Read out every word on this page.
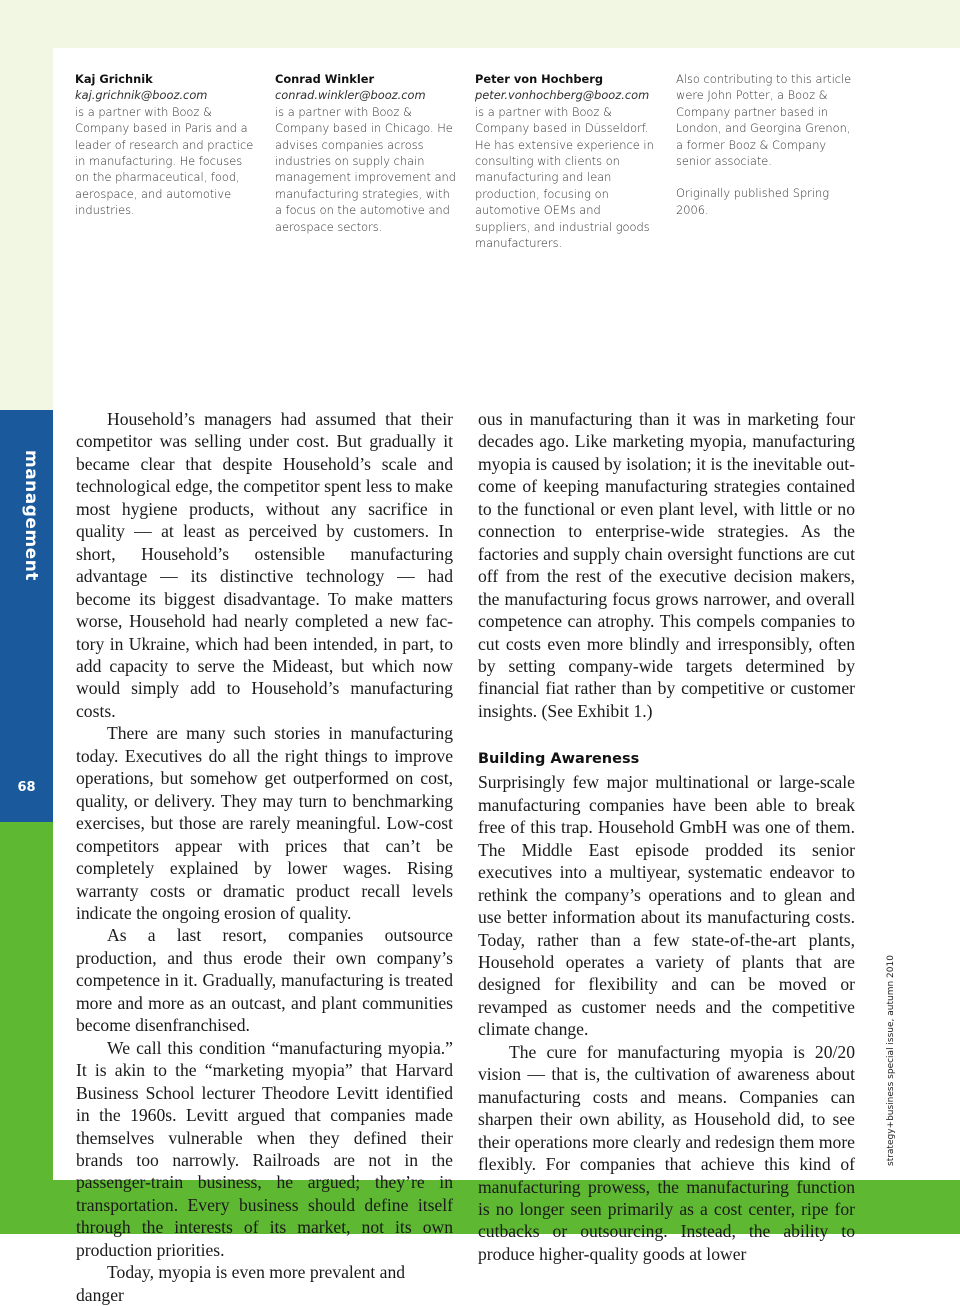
management
68
strategy+business special issue, autumn 2010
Kaj Grichnik
kaj.grichnik@booz.com
is a partner with Booz & Company based in Paris and a leader of research and practice in manufacturing. He focuses on the pharmaceutical, food, aerospace, and automotive industries.
Conrad Winkler
conrad.winkler@booz.com
is a partner with Booz & Company based in Chicago. He advises companies across industries on supply chain management improvement and manufacturing strategies, with a focus on the automotive and aerospace sectors.
Peter von Hochberg
peter.vonhochberg@booz.com
is a partner with Booz & Company based in Düsseldorf. He has extensive experience in consulting with clients on manufacturing and lean production, focusing on automotive OEMs and suppliers, and industrial goods manufacturers.
Also contributing to this article were John Potter, a Booz & Company partner based in London, and Georgina Grenon, a former Booz & Company senior associate.
Originally published Spring 2006.

Household’s managers had assumed that their competitor was selling under cost. But gradually it became clear that despite Household’s scale and technological edge, the competitor spent less to make most hygiene products, without any sacrifice in quality — at least as perceived by customers. In short, Household’s ostensible manufacturing advantage — its distinctive technology — had become its biggest disadvantage. To make matters worse, Household had nearly completed a new factory in Ukraine, which had been intended, in part, to add capacity to serve the Mideast, but which now would simply add to Household’s manufacturing costs.

There are many such stories in manufacturing today. Executives do all the right things to improve operations, but somehow get outperformed on cost, quality, or delivery. They may turn to benchmarking exercises, but those are rarely meaningful. Low-cost competitors appear with prices that can’t be completely explained by lower wages. Rising warranty costs or dramatic product recall levels indicate the ongoing erosion of quality.

As a last resort, companies outsource production, and thus erode their own company’s competence in it. Gradually, manufacturing is treated more and more as an outcast, and plant communities become disenfranchised.

We call this condition “manufacturing myopia.” It is akin to the “marketing myopia” that Harvard Business School lecturer Theodore Levitt identified in the 1960s. Levitt argued that companies made themselves vulnerable when they defined their brands too narrowly. Railroads are not in the passenger-train business, he argued; they’re in transportation. Every business should define itself through the interests of its market, not its own production priorities.

Today, myopia is even more prevalent and danger

ous in manufacturing than it was in marketing four decades ago. Like marketing myopia, manufacturing myopia is caused by isolation; it is the inevitable outcome of keeping manufacturing strategies contained to the functional or even plant level, with little or no connection to enterprise-wide strategies. As the factories and supply chain oversight functions are cut off from the rest of the executive decision makers, the manufacturing focus grows narrower, and overall competence can atrophy. This compels companies to cut costs even more blindly and irresponsibly, often by setting company-wide targets determined by financial fiat rather than by competitive or customer insights. (See Exhibit 1.)

Building Awareness

Surprisingly few major multinational or large-scale manufacturing companies have been able to break free of this trap. Household GmbH was one of them. The Middle East episode prodded its senior executives into a multiyear, systematic endeavor to rethink the company’s operations and to glean and use better information about its manufacturing costs. Today, rather than a few state-of-the-art plants, Household operates a variety of plants that are designed for flexibility and can be moved or revamped as customer needs and the competitive climate change.

The cure for manufacturing myopia is 20/20 vision — that is, the cultivation of awareness about manufacturing costs and means. Companies can sharpen their own ability, as Household did, to see their operations more clearly and redesign them more flexibly. For companies that achieve this kind of manufacturing prowess, the manufacturing function is no longer seen primarily as a cost center, ripe for cutbacks or outsourcing. Instead, the ability to produce higher-quality goods at lower
